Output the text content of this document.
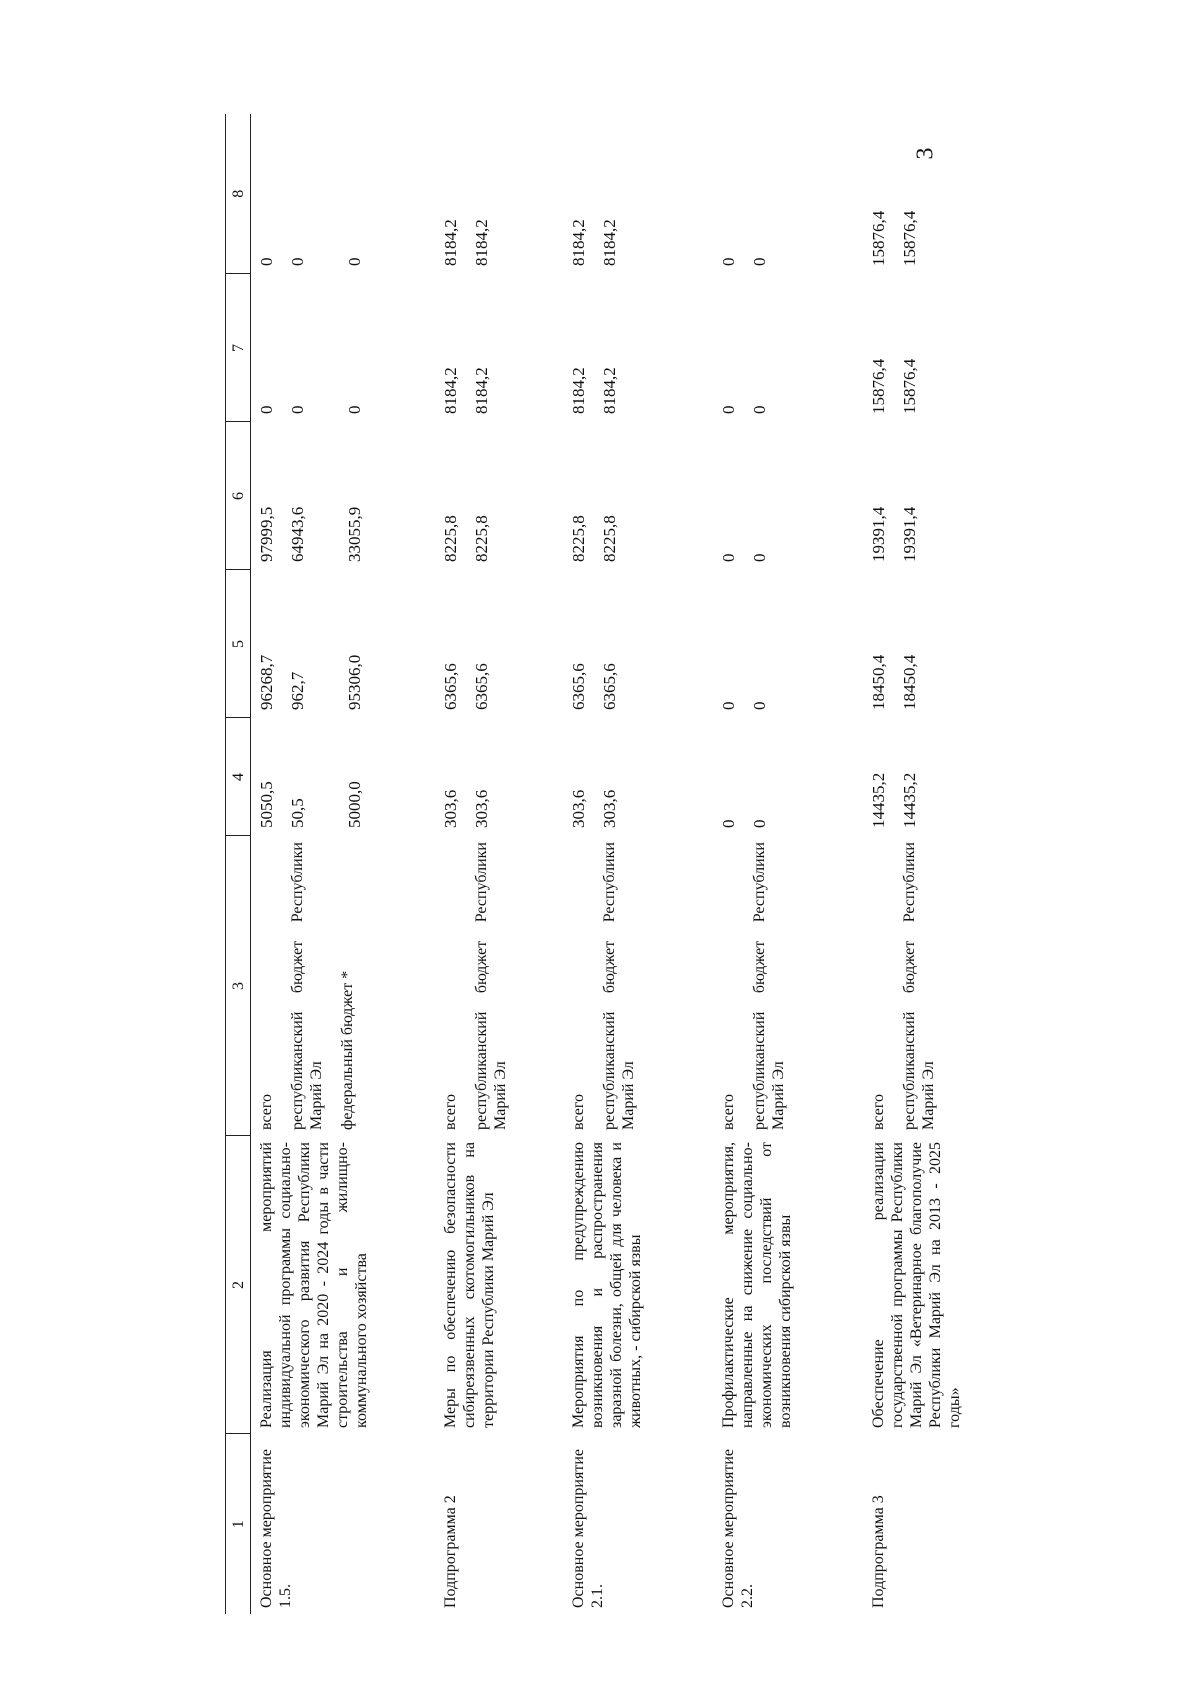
3
1	2	3	4	5	6	7	8
Основное мероприятие 1.5.	Реализация мероприятий индивидуальной программы социально-экономического развития Республики Марий Эл на 2020 - 2024 годы в части строительства и жилищно-коммунального хозяйства	всего республиканский бюджет Республики Марий Эл федеральный бюджет *	5050,5 50,5 5000,0	96268,7 962,7 95306,0	97999,5 64943,6 33055,9	0 0 0	0 0 0

Подпрограмма 2	Меры по обеспечению безопасности сибиреязвенных скотомогильников на территории Республики Марий Эл	всего республиканский бюджет Республики Марий Эл	303,6 303,6	6365,6 6365,6	8225,8 8225,8	8184,2 8184,2	8184,2 8184,2

Основное мероприятие 2.1.	Мероприятия по предупреждению возникновения и распространения заразной болезни, общей для человека и животных, - сибирской язвы	всего республиканский бюджет Республики Марий Эл	303,6 303,6	6365,6 6365,6	8225,8 8225,8	8184,2 8184,2	8184,2 8184,2

Основное мероприятие 2.2.	Профилактические мероприятия, направленные на снижение социально-экономических последствий от возникновения сибирской язвы	всего республиканский бюджет Республики Марий Эл	0 0	0 0	0 0	0 0	0 0

Подпрограмма 3	Обеспечение реализации государственной программы Республики Марий Эл «Ветеринарное благополучие Республики Марий Эл на 2013 - 2025 годы»	всего республиканский бюджет Республики Марий Эл	14435,2 14435,2	18450,4 18450,4	19391,4 19391,4	15876,4 15876,4	15876,4 15876,4
